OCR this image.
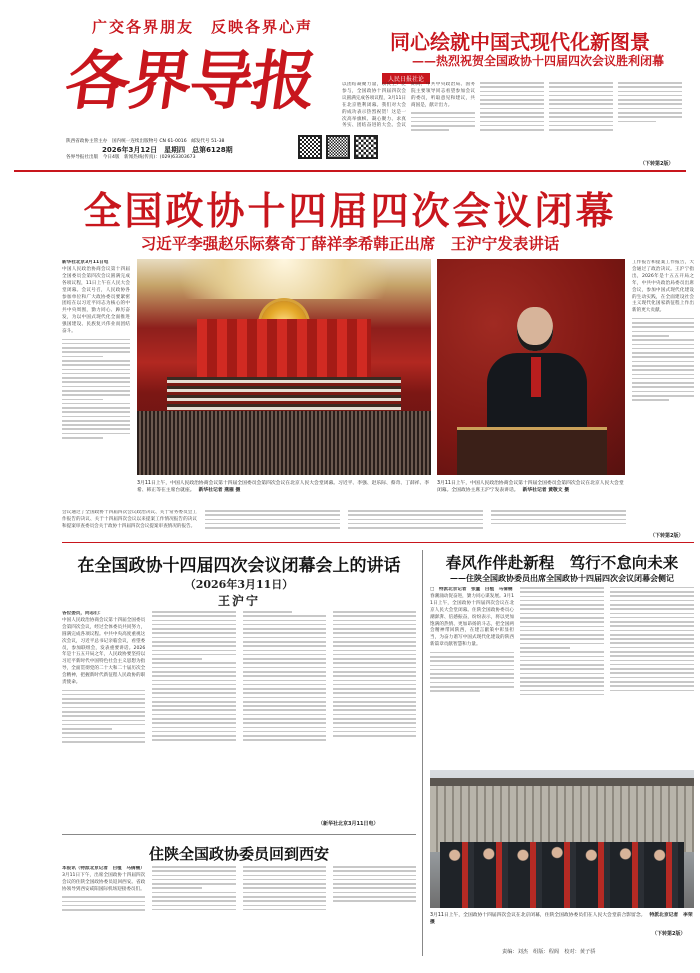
广交各界朋友　反映各界心声
各界导报
陕西省政协主管主办　国内统一连续出版物号 CN 61-0016　邮发代号 51-38
2026年3月12日　星期四　总第6128期
各界导报社出版　今日4版　新闻热线(传真)：(029)63303673
同心绘就中国式现代化新图景
——热烈祝贺全国政协十四届四次会议胜利闭幕
人民日报社论

以团结凝聚力量，以民主广泛参与，全国政协十四届四次会议圆满完成各项议程，3月11日在北京胜利闭幕。我们对大会的成功表示热烈祝贺！这是一次高举旗帜、凝心聚力、求真务实、团结奋进的大会。会议期间，中共中央政治局、国务院主要领导同志看望参加会议的委员，听取意见和建议，共商国是，献计出力。

（下转第2版）
全国政协十四届四次会议闭幕
习近平李强赵乐际蔡奇丁薛祥李希韩正出席　王沪宁发表讲话

新华社北京3月11日电

中国人民政治协商会议第十四届全国委员会第四次会议圆满完成各项议程，11日上午在人民大会堂闭幕。会议号召，人民政协各参加单位和广大政协委员要紧密团结在以习近平同志为核心的中共中央周围，勠力同心、踔厉奋发，为以中国式现代化全面推进强国建设、民族复兴伟业而团结奋斗。

3月11日上午，中国人民政治协商会议第十四届全国委员会第四次会议在北京人民大会堂闭幕。习近平、李强、赵乐际、蔡奇、丁薛祥、李希、韩正等在主席台就座。 新华社记者 燕雁 摄
3月11日上午，中国人民政治协商会议第十四届全国委员会第四次会议在北京人民大会堂闭幕。全国政协主席王沪宁发表讲话。 新华社记者 黄敬文 摄

工作报告和提案工作报告，大会通过了政治决议。王沪宁指出，2026年是十五五开局之年，中共中央政治局委员出席会议，参加中国式现代化建设的生动实践，在全面建设社会主义现代化国家新征程上作出新的更大贡献。

（下转第2版）

会议通过了全国政协十四届四次会议政治决议、关于常务委员会工作报告的决议、关于十四届四次会议以来提案工作情况报告的决议和提案审查委员会关于政协十四届四次会议提案审查情况的报告。

在全国政协十四届四次会议闭幕会上的讲话
（2026年3月11日）
王沪宁

各位委员，同志们：

中国人民政治协商会议第十四届全国委员会第四次会议，经过全体委员共同努力，圆满完成各项议程。中共中央高度重视这次会议，习近平总书记亲临会议，看望委员，参加联组会，发表重要讲话。2026年是十五五开局之年，人民政协要坚持以习近平新时代中国特色社会主义思想为指导，全面贯彻党的二十大和二十届历次全会精神，把握新时代新征程人民政协的职责使命。

（新华社北京3月11日电）
住陕全国政协委员回到西安

本报讯（特派北京记者　白植　马倩楠）

3月11日下午，出席全国政协十四届四次会议的住陕全国政协委员返回西安。省政协领导到西安咸阳国际机场迎接委员们。

春风作伴赴新程　笃行不怠向未来
——住陕全国政协委员出席全国政协十四届四次会议闭幕会侧记

□　特派北京记者　张量　白植　马倩楠

春潮涌动促奋进，勠力同心谋发展。3月11日上午，全国政协十四届四次会议在北京人民大会堂闭幕。住陕全国政协委员心潮澎湃、倍感振奋，纷纷表示，将以更加饱满的热情、更加昂扬的斗志，把全国两会精神带回陕西，在建言献策中彰显担当，为奋力谱写中国式现代化建设的陕西新篇章贡献智慧和力量。

3月11日上午，全国政协十四届四次会议在北京闭幕，住陕全国政协委员们在人民大会堂前合影留念。 特派北京记者　李荣　摄
（下转第2版）
责编：刘杰　组版：程阁　校对：黄子骄
